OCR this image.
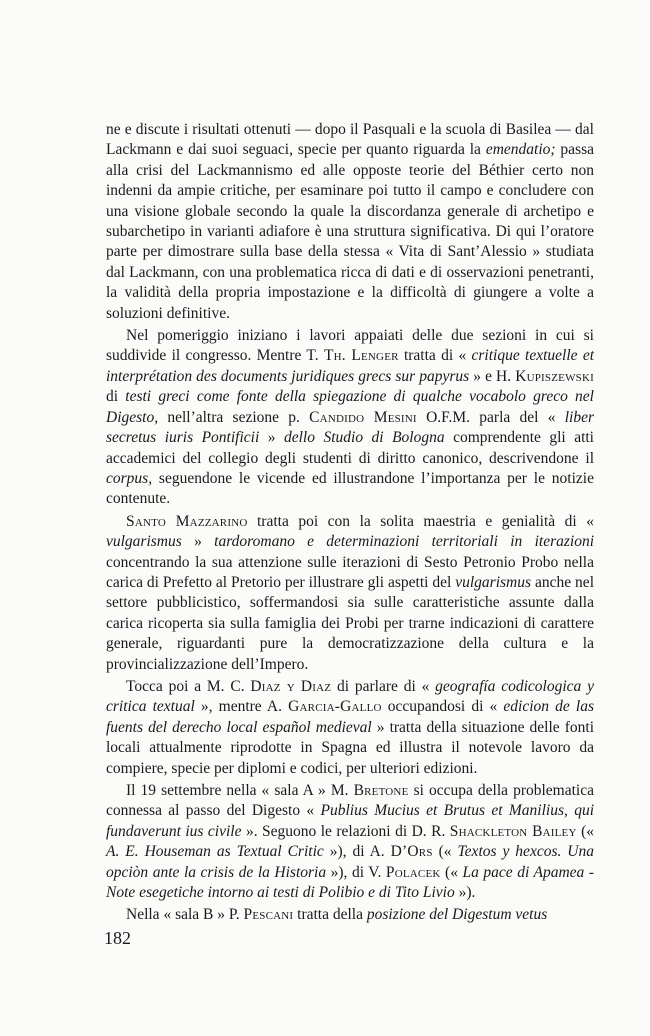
ne e discute i risultati ottenuti — dopo il Pasquali e la scuola di Basilea — dal Lackmann e dai suoi seguaci, specie per quanto riguarda la emendatio; passa alla crisi del Lackmannismo ed alle opposte teorie del Béthier certo non indenni da ampie critiche, per esaminare poi tutto il campo e concludere con una visione globale secondo la quale la discordanza generale di archetipo e subarchetipo in varianti adiafore è una struttura significativa. Di qui l’oratore parte per dimostrare sulla base della stessa « Vita di Sant’Alessio » studiata dal Lackmann, con una problematica ricca di dati e di osservazioni penetranti, la validità della propria impostazione e la difficoltà di giungere a volte a soluzioni definitive.

Nel pomeriggio iniziano i lavori appaiati delle due sezioni in cui si suddivide il congresso. Mentre T. Th. Lenger tratta di « critique textuelle et interprétation des documents juridiques grecs sur papyrus » e H. Kupiszewski di testi greci come fonte della spiegazione di qualche vocabolo greco nel Digesto, nell’altra sezione p. Candido Mesini O.F.M. parla del « liber secretus iuris Pontificii » dello Studio di Bologna comprendente gli atti accademici del collegio degli studenti di diritto canonico, descrivendone il corpus, seguendone le vicende ed illustrandone l’importanza per le notizie contenute.

Santo Mazzarino tratta poi con la solita maestria e genialità di « vulgarismus » tardoromano e determinazioni territoriali in iterazioni concentrando la sua attenzione sulle iterazioni di Sesto Petronio Probo nella carica di Prefetto al Pretorio per illustrare gli aspetti del vulgarismus anche nel settore pubblicistico, soffermandosi sia sulle caratteristiche assunte dalla carica ricoperta sia sulla famiglia dei Probi per trarne indicazioni di carattere generale, riguardanti pure la democratizzazione della cultura e la provincializzazione dell’Impero.

Tocca poi a M. C. Diaz y Diaz di parlare di « geografía codicologica y critica textual », mentre A. Garcia-Gallo occupandosi di « edicion de las fuents del derecho local español medieval » tratta della situazione delle fonti locali attualmente riprodotte in Spagna ed illustra il notevole lavoro da compiere, specie per diplomi e codici, per ulteriori edizioni.

Il 19 settembre nella « sala A » M. Bretone si occupa della problematica connessa al passo del Digesto « Publius Mucius et Brutus et Manilius, qui fundaverunt ius civile ». Seguono le relazioni di D. R. Shackleton Bailey (« A. E. Houseman as Textual Critic »), di A. D’Ors (« Textos y hexcos. Una opciòn ante la crisis de la Historia »), di V. Polacek (« La pace di Apamea - Note esegetiche intorno ai testi di Polibio e di Tito Livio »).

Nella « sala B » P. Pescani tratta della posizione del Digestum vetus

182
